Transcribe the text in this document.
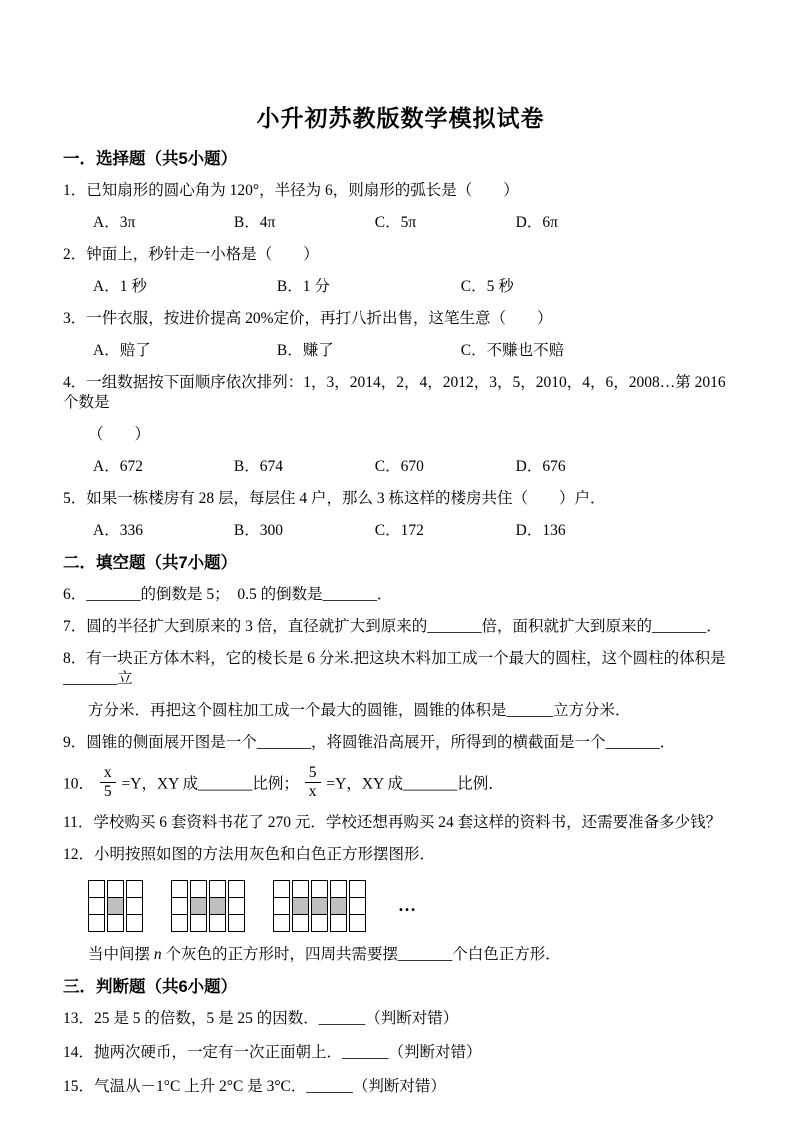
小升初苏教版数学模拟试卷
一．选择题（共5小题）

1．已知扇形的圆心角为 120°，半径为 6，则扇形的弧长是（　　）

A．3π	B．4π	C．5π	D．6π

2．钟面上，秒针走一小格是（　　）

A．1 秒	B．1 分	C．5 秒

3．一件衣服，按进价提高 20%定价，再打八折出售，这笔生意（　　）

A．赔了	B．赚了	C．不赚也不赔

4．一组数据按下面顺序依次排列：1，3，2014，2，4，2012，3，5，2010，4，6，2008…第 2016 个数是

（　　）

A．672	B．674	C．670	D．676

5．如果一栋楼房有 28 层，每层住 4 户，那么 3 栋这样的楼房共住（　　）户．

A．336	B．300	C．172	D．136
二．填空题（共7小题）

6．_______的倒数是 5；　0.5 的倒数是_______．

7．圆的半径扩大到原来的 3 倍，直径就扩大到原来的_______倍，面积就扩大到原来的_______．

8．有一块正方体木料，它的棱长是 6 分米.把这块木料加工成一个最大的圆柱，这个圆柱的体积是_______立

方分米．再把这个圆柱加工成一个最大的圆锥，圆锥的体积是______立方分米．

9．圆锥的侧面展开图是一个_______，将圆锥沿高展开，所得到的横截面是一个_______．

10． $\frac{x}{5} =Y$，XY 成_______比例； $\frac{5}{x} =Y$，XY 成_______比例．

11．学校购买 6 套资料书花了 270 元．学校还想再购买 24 套这样的资料书，还需要准备多少钱？

12．小明按照如图的方法用灰色和白色正方形摆图形．

…

当中间摆 n 个灰色的正方形时，四周共需要摆_______个白色正方形．

三．判断题（共6小题）

13．25 是 5 的倍数，5 是 25 的因数．______（判断对错）

14．抛两次硬币，一定有一次正面朝上．______（判断对错）

15．气温从－1°C 上升 2°C 是 3°C．______（判断对错）
